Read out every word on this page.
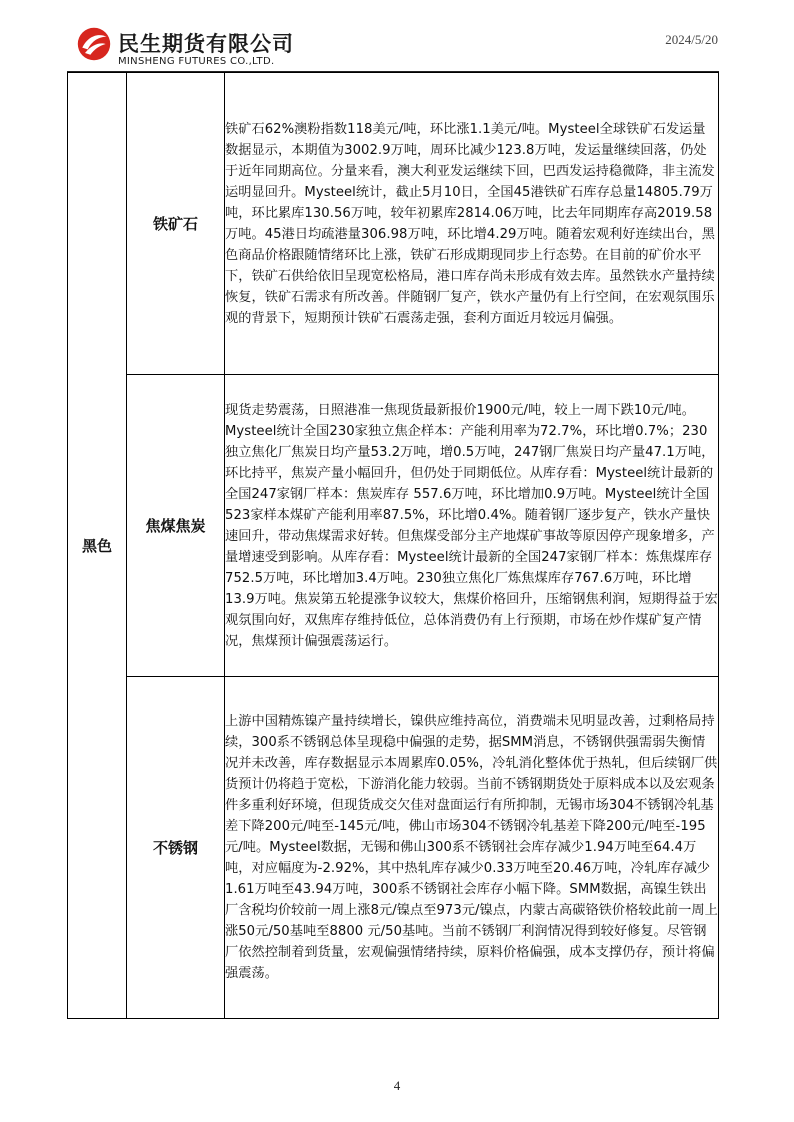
民生期货有限公司
MINSHENG FUTURES CO.,LTD.
2024/5/20
黑色	铁矿石	铁矿石62%澳粉指数118美元/吨，环比涨1.1美元/吨。Mysteel全球铁矿石发运量数据显示，本期值为3002.9万吨，周环比减少123.8万吨，发运量继续回落，仍处于近年同期高位。分量来看，澳大利亚发运继续下回，巴西发运持稳微降，非主流发运明显回升。Mysteel统计，截止5月10日，全国45港铁矿石库存总量14805.79万吨，环比累库130.56万吨，较年初累库2814.06万吨，比去年同期库存高2019.58万吨。45港日均疏港量306.98万吨，环比增4.29万吨。随着宏观利好连续出台，黑色商品价格跟随情绪环比上涨，铁矿石形成期现同步上行态势。在目前的矿价水平下，铁矿石供给依旧呈现宽松格局，港口库存尚未形成有效去库。虽然铁水产量持续恢复，铁矿石需求有所改善。伴随钢厂复产，铁水产量仍有上行空间，在宏观氛围乐观的背景下，短期预计铁矿石震荡走强，套利方面近月较远月偏强。
	焦煤焦炭	现货走势震荡，日照港准一焦现货最新报价1900元/吨，较上一周下跌10元/吨。Mysteel统计全国230家独立焦企样本：产能利用率为72.7%，环比增0.7%；230独立焦化厂焦炭日均产量53.2万吨，增0.5万吨，247钢厂焦炭日均产量47.1万吨，环比持平，焦炭产量小幅回升，但仍处于同期低位。从库存看：Mysteel统计最新的全国247家钢厂样本：焦炭库存 557.6万吨，环比增加0.9万吨。Mysteel统计全国523家样本煤矿产能利用率87.5%，环比增0.4%。随着钢厂逐步复产，铁水产量快速回升，带动焦煤需求好转。但焦煤受部分主产地煤矿事故等原因停产现象增多，产量增速受到影响。从库存看：Mysteel统计最新的全国247家钢厂样本：炼焦煤库存 752.5万吨，环比增加3.4万吨。230独立焦化厂炼焦煤库存767.6万吨，环比增13.9万吨。焦炭第五轮提涨争议较大，焦煤价格回升，压缩钢焦利润，短期得益于宏观氛围向好，双焦库存维持低位，总体消费仍有上行预期，市场在炒作煤矿复产情况，焦煤预计偏强震荡运行。
	不锈钢	上游中国精炼镍产量持续增长，镍供应维持高位，消费端未见明显改善，过剩格局持续，300系不锈钢总体呈现稳中偏强的走势，据SMM消息，不锈钢供强需弱失衡情况并未改善，库存数据显示本周累库0.05%，冷轧消化整体优于热轧，但后续钢厂供货预计仍将趋于宽松，下游消化能力较弱。当前不锈钢期货处于原料成本以及宏观条件多重利好环境，但现货成交欠佳对盘面运行有所抑制，无锡市场304不锈钢冷轧基差下降200元/吨至-145元/吨，佛山市场304不锈钢冷轧基差下降200元/吨至-195元/吨。Mysteel数据，无锡和佛山300系不锈钢社会库存减少1.94万吨至64.4万吨，对应幅度为-2.92%，其中热轧库存减少0.33万吨至20.46万吨，冷轧库存减少1.61万吨至43.94万吨，300系不锈钢社会库存小幅下降。SMM数据，高镍生铁出厂含税均价较前一周上涨8元/镍点至973元/镍点，内蒙古高碳铬铁价格较此前一周上涨50元/50基吨至8800 元/50基吨。当前不锈钢厂利润情况得到较好修复。尽管钢厂依然控制着到货量，宏观偏强情绪持续，原料价格偏强，成本支撑仍存，预计将偏强震荡。
4
